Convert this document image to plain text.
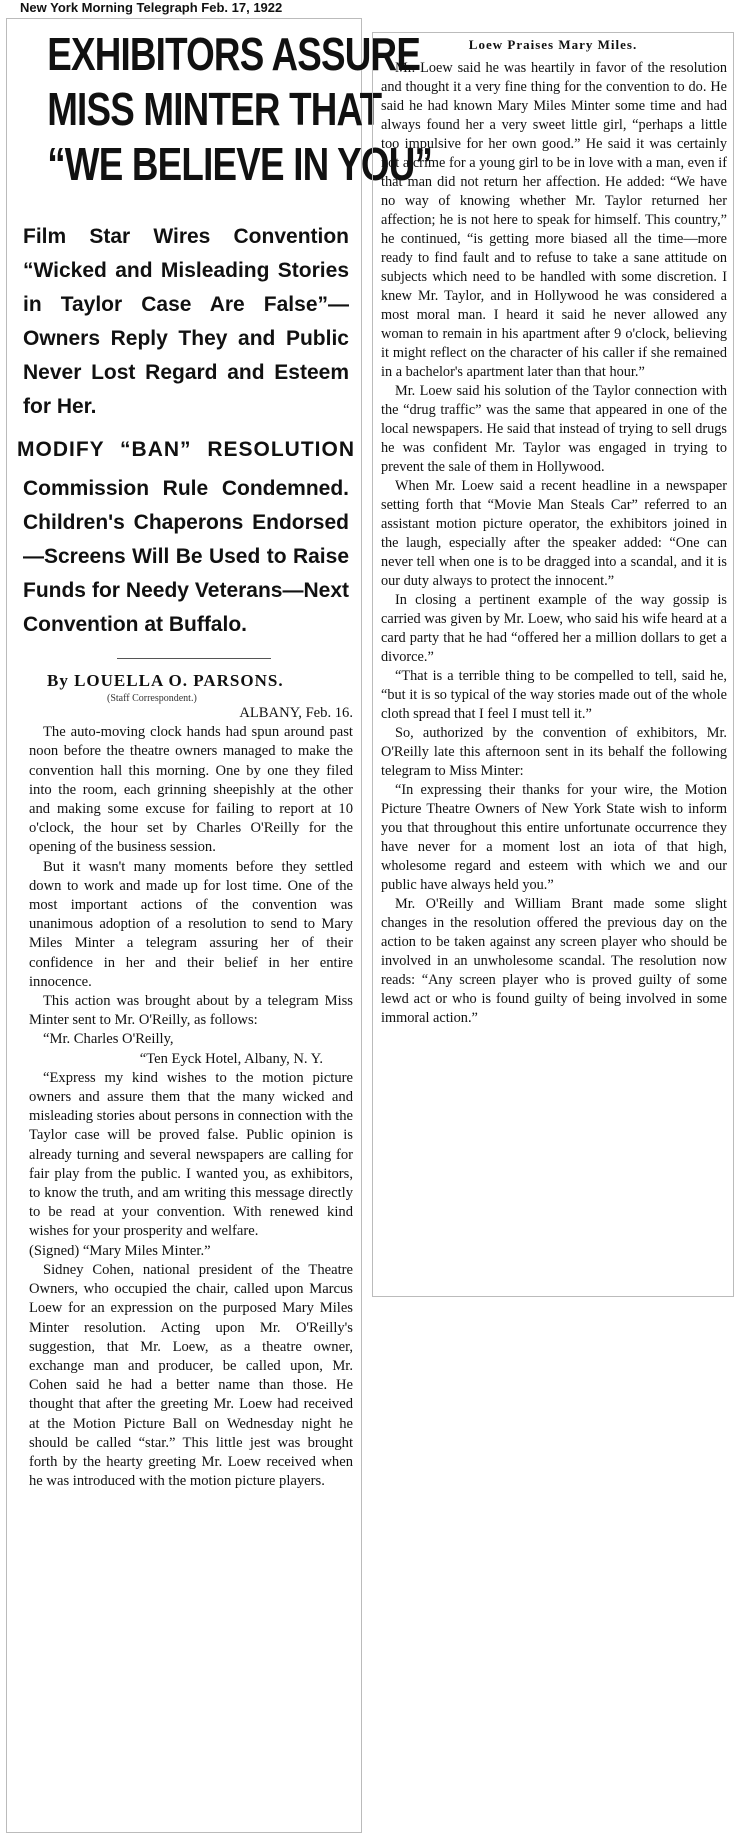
New York Morning Telegraph Feb. 17, 1922
EXHIBITORS ASSURE
MISS MINTER THAT
“WE BELIEVE IN YOU”
Film Star Wires Convention “Wicked and Misleading Stories in Taylor Case Are False”—Owners Reply They and Public Never Lost Regard and Esteem for Her.
MODIFY “BAN” RESOLUTION
Commission Rule Condemned. Children's Chaperons Endorsed—Screens Will Be Used to Raise Funds for Needy Veterans—Next Convention at Buffalo.
By LOUELLA O. PARSONS.
(Staff Correspondent.)

ALBANY, Feb. 16.

The auto-moving clock hands had spun around past noon before the theatre owners managed to make the convention hall this morning. One by one they filed into the room, each grinning sheepishly at the other and making some excuse for failing to report at 10 o'clock, the hour set by Charles O'Reilly for the opening of the business session.

But it wasn't many moments before they settled down to work and made up for lost time. One of the most important actions of the convention was unanimous adoption of a resolution to send to Mary Miles Minter a telegram assuring her of their confidence in her and their belief in her entire innocence.

This action was brought about by a telegram Miss Minter sent to Mr. O'Reilly, as follows:

“Mr. Charles O'Reilly,

“Ten Eyck Hotel, Albany, N. Y.

“Express my kind wishes to the motion picture owners and assure them that the many wicked and misleading stories about persons in connection with the Taylor case will be proved false. Public opinion is already turning and several newspapers are calling for fair play from the public. I wanted you, as exhibitors, to know the truth, and am writing this message directly to be read at your convention. With renewed kind wishes for your prosperity and welfare.

(Signed) “Mary Miles Minter.”

Sidney Cohen, national president of the Theatre Owners, who occupied the chair, called upon Marcus Loew for an expression on the purposed Mary Miles Minter resolution. Acting upon Mr. O'Reilly's suggestion, that Mr. Loew, as a theatre owner, exchange man and producer, be called upon, Mr. Cohen said he had a better name than those. He thought that after the greeting Mr. Loew had received at the Motion Picture Ball on Wednesday night he should be called “star.” This little jest was brought forth by the hearty greeting Mr. Loew received when he was introduced with the motion picture players.

Loew Praises Mary Miles.

Mr. Loew said he was heartily in favor of the resolution and thought it a very fine thing for the convention to do. He said he had known Mary Miles Minter some time and had always found her a very sweet little girl, “perhaps a little too impulsive for her own good.” He said it was certainly not a crime for a young girl to be in love with a man, even if that man did not return her affection. He added: “We have no way of knowing whether Mr. Taylor returned her affection; he is not here to speak for himself. This country,” he continued, “is getting more biased all the time—more ready to find fault and to refuse to take a sane attitude on subjects which need to be handled with some discretion. I knew Mr. Taylor, and in Hollywood he was considered a most moral man. I heard it said he never allowed any woman to remain in his apartment after 9 o'clock, believing it might reflect on the character of his caller if she remained in a bachelor's apartment later than that hour.”

Mr. Loew said his solution of the Taylor connection with the “drug traffic” was the same that appeared in one of the local newspapers. He said that instead of trying to sell drugs he was confident Mr. Taylor was engaged in trying to prevent the sale of them in Hollywood.

When Mr. Loew said a recent headline in a newspaper setting forth that “Movie Man Steals Car” referred to an assistant motion picture operator, the exhibitors joined in the laugh, especially after the speaker added: “One can never tell when one is to be dragged into a scandal, and it is our duty always to protect the innocent.”

In closing a pertinent example of the way gossip is carried was given by Mr. Loew, who said his wife heard at a card party that he had “offered her a million dollars to get a divorce.”

“That is a terrible thing to be compelled to tell, said he, “but it is so typical of the way stories made out of the whole cloth spread that I feel I must tell it.”

So, authorized by the convention of exhibitors, Mr. O'Reilly late this afternoon sent in its behalf the following telegram to Miss Minter:

“In expressing their thanks for your wire, the Motion Picture Theatre Owners of New York State wish to inform you that throughout this entire unfortunate occurrence they have never for a moment lost an iota of that high, wholesome regard and esteem with which we and our public have always held you.”

Mr. O'Reilly and William Brant made some slight changes in the resolution offered the previous day on the action to be taken against any screen player who should be involved in an unwholesome scandal. The resolution now reads: “Any screen player who is proved guilty of some lewd act or who is found guilty of being involved in some immoral action.”
